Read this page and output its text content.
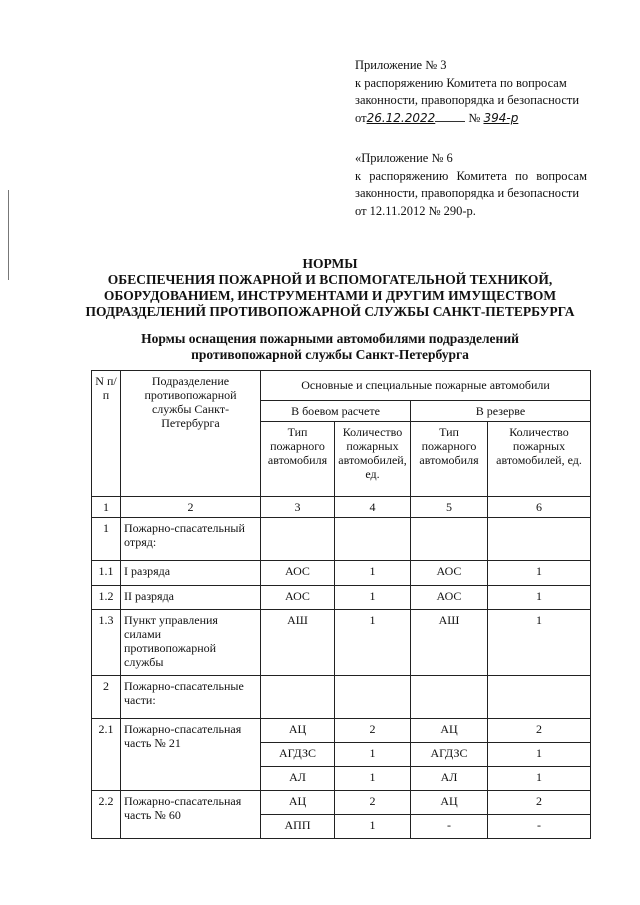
Приложение № 3
к распоряжению Комитета по вопросам
законности, правопорядка и безопасности
от26.12.2022	№ 394-р
«Приложение № 6
к распоряжению Комитета по вопросам
законности, правопорядка и безопасности
от 12.11.2012 № 290-р.
НОРМЫ
ОБЕСПЕЧЕНИЯ ПОЖАРНОЙ И ВСПОМОГАТЕЛЬНОЙ ТЕХНИКОЙ,
ОБОРУДОВАНИЕМ, ИНСТРУМЕНТАМИ И ДРУГИМ ИМУЩЕСТВОМ
ПОДРАЗДЕЛЕНИЙ ПРОТИВОПОЖАРНОЙ СЛУЖБЫ САНКТ-ПЕТЕРБУРГА
Нормы оснащения пожарными автомобилями подразделений
противопожарной службы Санкт-Петербурга
N п/п	Подразделение противопожарной службы Санкт-Петербурга	Основные и специальные пожарные автомобили			
		В боевом расчете		В резерве	
		Тип пожарного автомобиля	Количество пожарных автомобилей, ед.	Тип пожарного автомобиля	Количество пожарных автомобилей, ед.
1	2	3	4	5	6
1	Пожарно-спасательный отряд:				
1.1	I разряда	АОС	1	АОС	1
1.2	II разряда	АОС	1	АОС	1
1.3	Пункт управления силами противопожарной службы	АШ	1	АШ	1
2	Пожарно-спасательные части:				
2.1	Пожарно-спасательная часть № 21	АЦ	2	АЦ	2
		АГДЗС	1	АГДЗС	1
		АЛ	1	АЛ	1
2.2	Пожарно-спасательная часть № 60	АЦ	2	АЦ	2
		АПП	1	-	-
